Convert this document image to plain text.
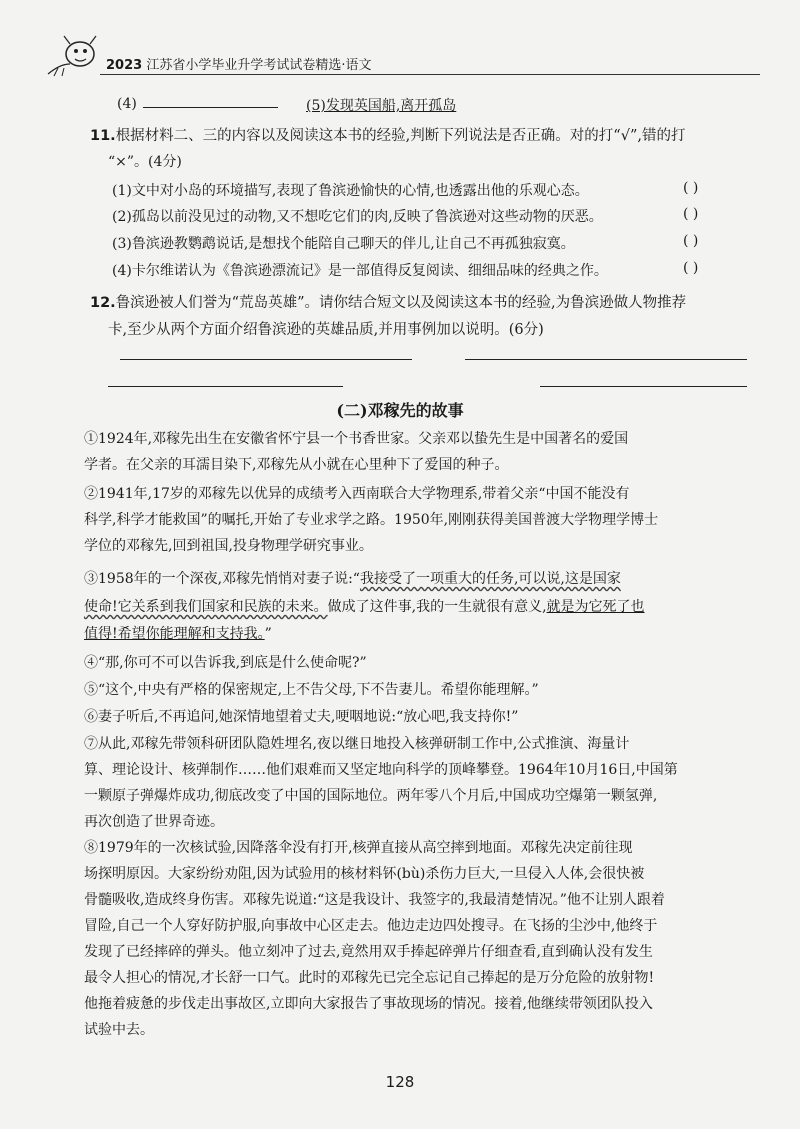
2023 江苏省小学毕业升学考试试卷精选·语文
(4)	(5)发现英国船,离开孤岛
11.根据材料二、三的内容以及阅读这本书的经验,判断下列说法是否正确。对的打“√”,错的打
“×”。(4分)
(1)文中对小岛的环境描写,表现了鲁滨逊愉快的心情,也透露出他的乐观心态。	( )
(2)孤岛以前没见过的动物,又不想吃它们的肉,反映了鲁滨逊对这些动物的厌恶。	( )
(3)鲁滨逊教鹦鹉说话,是想找个能陪自己聊天的伴儿,让自己不再孤独寂寞。	( )
(4)卡尔维诺认为《鲁滨逊漂流记》是一部值得反复阅读、细细品味的经典之作。	( )
12.鲁滨逊被人们誉为“荒岛英雄”。请你结合短文以及阅读这本书的经验,为鲁滨逊做人物推荐
卡,至少从两个方面介绍鲁滨逊的英雄品质,并用事例加以说明。(6分)
(二)邓稼先的故事
①1924年,邓稼先出生在安徽省怀宁县一个书香世家。父亲邓以蛰先生是中国著名的爱国
学者。在父亲的耳濡目染下,邓稼先从小就在心里种下了爱国的种子。
②1941年,17岁的邓稼先以优异的成绩考入西南联合大学物理系,带着父亲“中国不能没有
科学,科学才能救国”的嘱托,开始了专业求学之路。1950年,刚刚获得美国普渡大学物理学博士
学位的邓稼先,回到祖国,投身物理学研究事业。
③1958年的一个深夜,邓稼先悄悄对妻子说:“我接受了一项重大的任务,可以说,这是国家
使命!它关系到我们国家和民族的未来。做成了这件事,我的一生就很有意义,就是为它死了也
值得!希望你能理解和支持我。”
④“那,你可不可以告诉我,到底是什么使命呢?”
⑤“这个,中央有严格的保密规定,上不告父母,下不告妻儿。希望你能理解。”
⑥妻子听后,不再追问,她深情地望着丈夫,哽咽地说:“放心吧,我支持你!”
⑦从此,邓稼先带领科研团队隐姓埋名,夜以继日地投入核弹研制工作中,公式推演、海量计
算、理论设计、核弹制作……他们艰难而又坚定地向科学的顶峰攀登。1964年10月16日,中国第
一颗原子弹爆炸成功,彻底改变了中国的国际地位。两年零八个月后,中国成功空爆第一颗氢弹,
再次创造了世界奇迹。
⑧1979年的一次核试验,因降落伞没有打开,核弹直接从高空摔到地面。邓稼先决定前往现
场探明原因。大家纷纷劝阻,因为试验用的核材料钚(bù)杀伤力巨大,一旦侵入人体,会很快被
骨髓吸收,造成终身伤害。邓稼先说道:“这是我设计、我签字的,我最清楚情况。”他不让别人跟着
冒险,自己一个人穿好防护服,向事故中心区走去。他边走边四处搜寻。在飞扬的尘沙中,他终于
发现了已经摔碎的弹头。他立刻冲了过去,竟然用双手捧起碎弹片仔细查看,直到确认没有发生
最令人担心的情况,才长舒一口气。此时的邓稼先已完全忘记自己捧起的是万分危险的放射物!
他拖着疲惫的步伐走出事故区,立即向大家报告了事故现场的情况。接着,他继续带领团队投入
试验中去。
128
